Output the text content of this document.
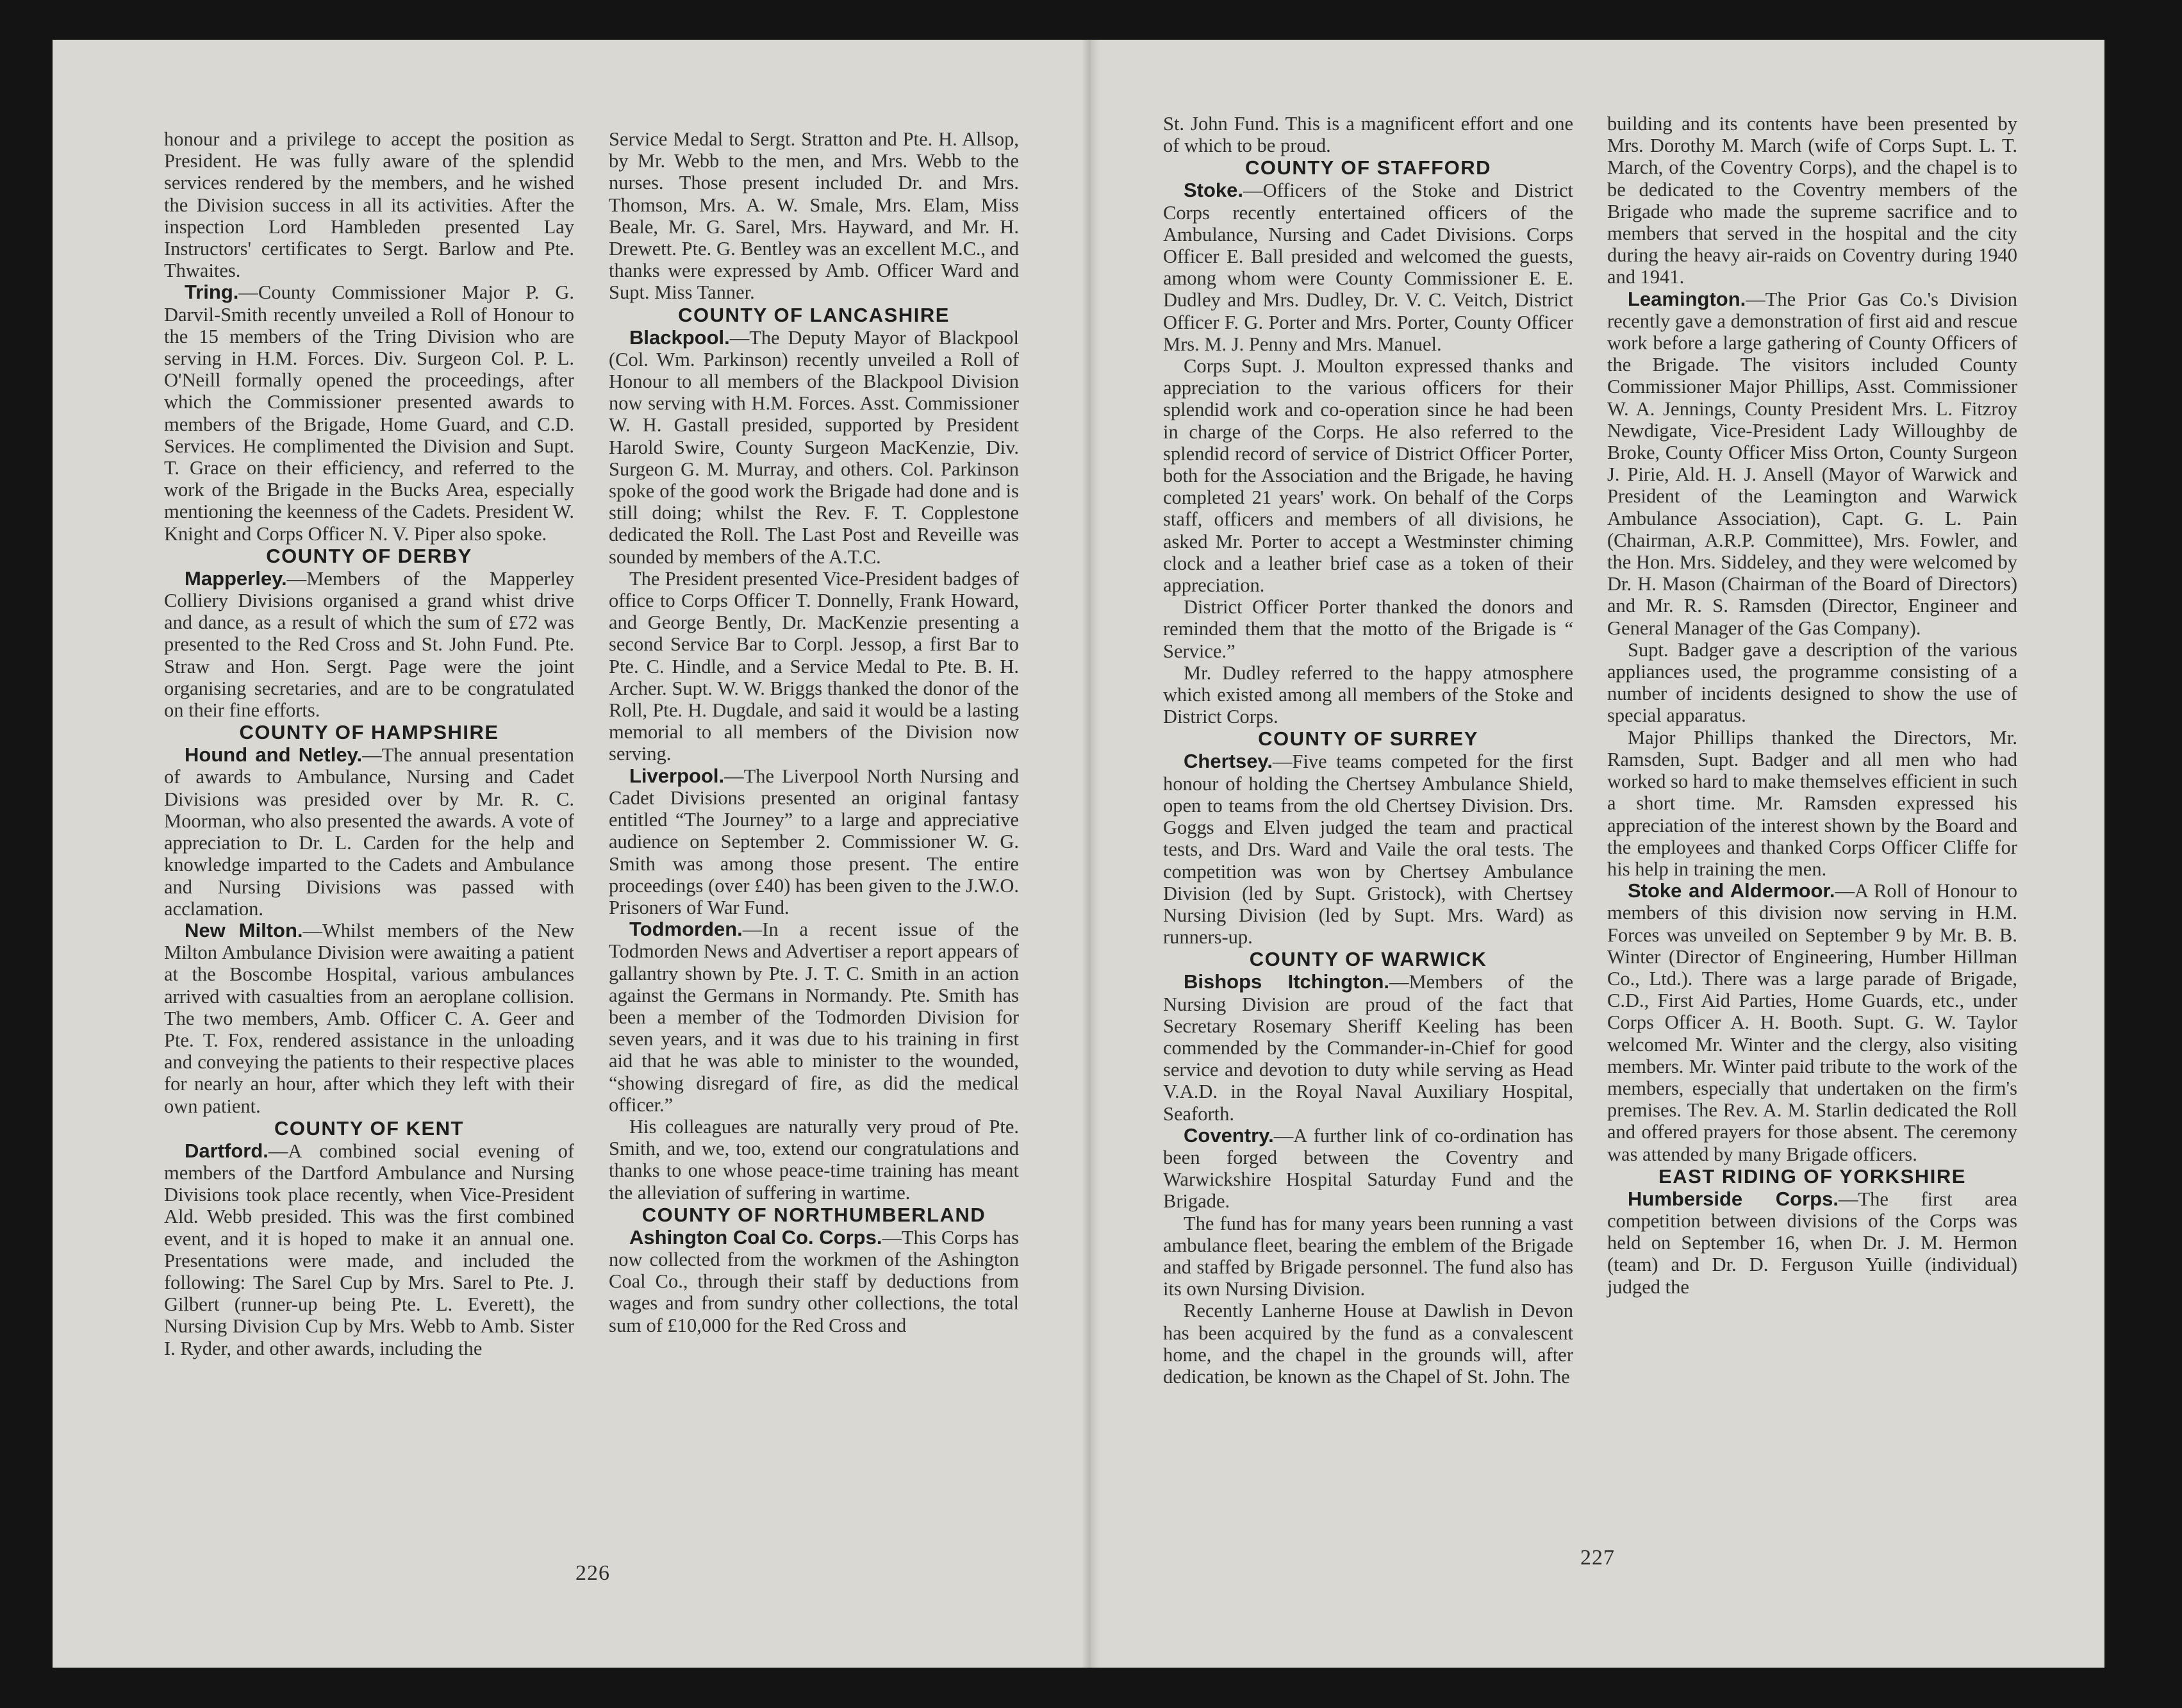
honour and a privilege to accept the position as President. He was fully aware of the splendid services rendered by the members, and he wished the Division success in all its activities. After the inspection Lord Hambleden presented Lay Instructors' certificates to Sergt. Barlow and Pte. Thwaites.

Tring.—County Commissioner Major P. G. Darvil-Smith recently unveiled a Roll of Honour to the 15 members of the Tring Division who are serving in H.M. Forces. Div. Surgeon Col. P. L. O'Neill formally opened the proceedings, after which the Commissioner presented awards to members of the Brigade, Home Guard, and C.D. Services. He complimented the Division and Supt. T. Grace on their efficiency, and referred to the work of the Brigade in the Bucks Area, especially mentioning the keenness of the Cadets. President W. Knight and Corps Officer N. V. Piper also spoke.

COUNTY OF DERBY

Mapperley.—Members of the Mapperley Colliery Divisions organised a grand whist drive and dance, as a result of which the sum of £72 was presented to the Red Cross and St. John Fund. Pte. Straw and Hon. Sergt. Page were the joint organising secretaries, and are to be congratulated on their fine efforts.

COUNTY OF HAMPSHIRE

Hound and Netley.—The annual presentation of awards to Ambulance, Nursing and Cadet Divisions was presided over by Mr. R. C. Moorman, who also presented the awards. A vote of appreciation to Dr. L. Carden for the help and knowledge imparted to the Cadets and Ambulance and Nursing Divisions was passed with acclamation.

New Milton.—Whilst members of the New Milton Ambulance Division were awaiting a patient at the Boscombe Hospital, various ambulances arrived with casualties from an aeroplane collision. The two members, Amb. Officer C. A. Geer and Pte. T. Fox, rendered assistance in the unloading and conveying the patients to their respective places for nearly an hour, after which they left with their own patient.

COUNTY OF KENT

Dartford.—A combined social evening of members of the Dartford Ambulance and Nursing Divisions took place recently, when Vice-President Ald. Webb presided. This was the first combined event, and it is hoped to make it an annual one. Presentations were made, and included the following: The Sarel Cup by Mrs. Sarel to Pte. J. Gilbert (runner-up being Pte. L. Everett), the Nursing Division Cup by Mrs. Webb to Amb. Sister I. Ryder, and other awards, including the

Service Medal to Sergt. Stratton and Pte. H. Allsop, by Mr. Webb to the men, and Mrs. Webb to the nurses. Those present included Dr. and Mrs. Thomson, Mrs. A. W. Smale, Mrs. Elam, Miss Beale, Mr. G. Sarel, Mrs. Hayward, and Mr. H. Drewett. Pte. G. Bentley was an excellent M.C., and thanks were expressed by Amb. Officer Ward and Supt. Miss Tanner.

COUNTY OF LANCASHIRE

Blackpool.—The Deputy Mayor of Blackpool (Col. Wm. Parkinson) recently unveiled a Roll of Honour to all members of the Blackpool Division now serving with H.M. Forces. Asst. Commissioner W. H. Gastall presided, supported by President Harold Swire, County Surgeon MacKenzie, Div. Surgeon G. M. Murray, and others. Col. Parkinson spoke of the good work the Brigade had done and is still doing; whilst the Rev. F. T. Copplestone dedicated the Roll. The Last Post and Reveille was sounded by members of the A.T.C.

The President presented Vice-President badges of office to Corps Officer T. Donnelly, Frank Howard, and George Bently, Dr. MacKenzie presenting a second Service Bar to Corpl. Jessop, a first Bar to Pte. C. Hindle, and a Service Medal to Pte. B. H. Archer. Supt. W. W. Briggs thanked the donor of the Roll, Pte. H. Dugdale, and said it would be a lasting memorial to all members of the Division now serving.

Liverpool.—The Liverpool North Nursing and Cadet Divisions presented an original fantasy entitled “The Journey” to a large and appreciative audience on September 2. Commissioner W. G. Smith was among those present. The entire proceedings (over £40) has been given to the J.W.O. Prisoners of War Fund.

Todmorden.—In a recent issue of the Todmorden News and Advertiser a report appears of gallantry shown by Pte. J. T. C. Smith in an action against the Germans in Normandy. Pte. Smith has been a member of the Todmorden Division for seven years, and it was due to his training in first aid that he was able to minister to the wounded, “showing disregard of fire, as did the medical officer.”

His colleagues are naturally very proud of Pte. Smith, and we, too, extend our congratulations and thanks to one whose peace-time training has meant the alleviation of suffering in wartime.

COUNTY OF NORTHUMBERLAND

Ashington Coal Co. Corps.—This Corps has now collected from the workmen of the Ashington Coal Co., through their staff by deductions from wages and from sundry other collections, the total sum of £10,000 for the Red Cross and

St. John Fund. This is a magnificent effort and one of which to be proud.

COUNTY OF STAFFORD

Stoke.—Officers of the Stoke and District Corps recently entertained officers of the Ambulance, Nursing and Cadet Divisions. Corps Officer E. Ball presided and welcomed the guests, among whom were County Commissioner E. E. Dudley and Mrs. Dudley, Dr. V. C. Veitch, District Officer F. G. Porter and Mrs. Porter, County Officer Mrs. M. J. Penny and Mrs. Manuel.

Corps Supt. J. Moulton expressed thanks and appreciation to the various officers for their splendid work and co-operation since he had been in charge of the Corps. He also referred to the splendid record of service of District Officer Porter, both for the Association and the Brigade, he having completed 21 years' work. On behalf of the Corps staff, officers and members of all divisions, he asked Mr. Porter to accept a Westminster chiming clock and a leather brief case as a token of their appreciation.

District Officer Porter thanked the donors and reminded them that the motto of the Brigade is “ Service.”

Mr. Dudley referred to the happy atmosphere which existed among all members of the Stoke and District Corps.

COUNTY OF SURREY

Chertsey.—Five teams competed for the first honour of holding the Chertsey Ambulance Shield, open to teams from the old Chertsey Division. Drs. Goggs and Elven judged the team and practical tests, and Drs. Ward and Vaile the oral tests. The competition was won by Chertsey Ambulance Division (led by Supt. Gristock), with Chertsey Nursing Division (led by Supt. Mrs. Ward) as runners-up.

COUNTY OF WARWICK

Bishops Itchington.—Members of the Nursing Division are proud of the fact that Secretary Rosemary Sheriff Keeling has been commended by the Commander-in-Chief for good service and devotion to duty while serving as Head V.A.D. in the Royal Naval Auxiliary Hospital, Seaforth.

Coventry.—A further link of co-ordination has been forged between the Coventry and Warwickshire Hospital Saturday Fund and the Brigade.

The fund has for many years been running a vast ambulance fleet, bearing the emblem of the Brigade and staffed by Brigade personnel. The fund also has its own Nursing Division.

Recently Lanherne House at Dawlish in Devon has been acquired by the fund as a convalescent home, and the chapel in the grounds will, after dedication, be known as the Chapel of St. John. The

building and its contents have been presented by Mrs. Dorothy M. March (wife of Corps Supt. L. T. March, of the Coventry Corps), and the chapel is to be dedicated to the Coventry members of the Brigade who made the supreme sacrifice and to members that served in the hospital and the city during the heavy air-raids on Coventry during 1940 and 1941.

Leamington.—The Prior Gas Co.'s Division recently gave a demonstration of first aid and rescue work before a large gathering of County Officers of the Brigade. The visitors included County Commissioner Major Phillips, Asst. Commissioner W. A. Jennings, County President Mrs. L. Fitzroy Newdigate, Vice-President Lady Willoughby de Broke, County Officer Miss Orton, County Surgeon J. Pirie, Ald. H. J. Ansell (Mayor of Warwick and President of the Leamington and Warwick Ambulance Association), Capt. G. L. Pain (Chairman, A.R.P. Committee), Mrs. Fowler, and the Hon. Mrs. Siddeley, and they were welcomed by Dr. H. Mason (Chairman of the Board of Directors) and Mr. R. S. Ramsden (Director, Engineer and General Manager of the Gas Company).

Supt. Badger gave a description of the various appliances used, the programme consisting of a number of incidents designed to show the use of special apparatus.

Major Phillips thanked the Directors, Mr. Ramsden, Supt. Badger and all men who had worked so hard to make themselves efficient in such a short time. Mr. Ramsden expressed his appreciation of the interest shown by the Board and the employees and thanked Corps Officer Cliffe for his help in training the men.

Stoke and Aldermoor.—A Roll of Honour to members of this division now serving in H.M. Forces was unveiled on September 9 by Mr. B. B. Winter (Director of Engineering, Humber Hillman Co., Ltd.). There was a large parade of Brigade, C.D., First Aid Parties, Home Guards, etc., under Corps Officer A. H. Booth. Supt. G. W. Taylor welcomed Mr. Winter and the clergy, also visiting members. Mr. Winter paid tribute to the work of the members, especially that undertaken on the firm's premises. The Rev. A. M. Starlin dedicated the Roll and offered prayers for those absent. The ceremony was attended by many Brigade officers.

EAST RIDING OF YORKSHIRE

Humberside Corps.—The first area competition between divisions of the Corps was held on September 16, when Dr. J. M. Hermon (team) and Dr. D. Ferguson Yuille (individual) judged the

226
227
